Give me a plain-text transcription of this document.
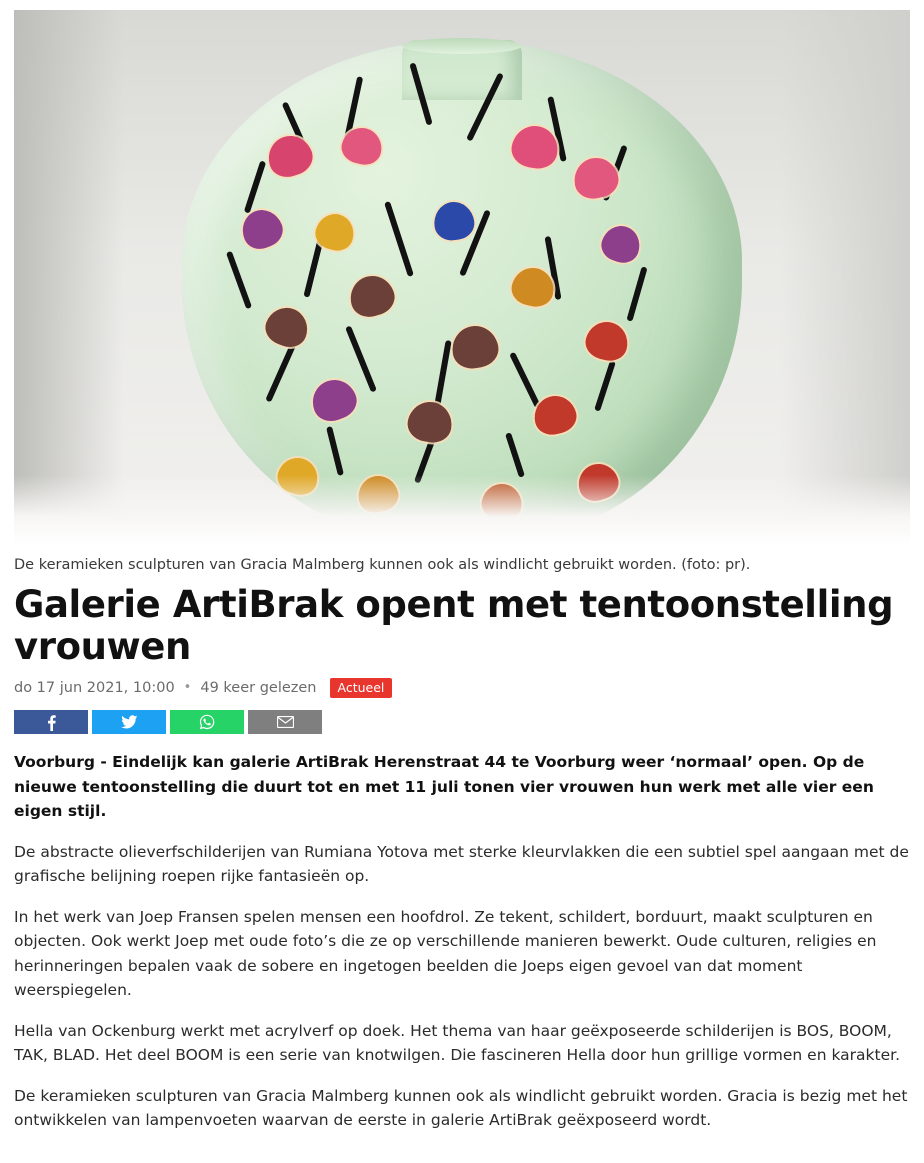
De keramieken sculpturen van Gracia Malmberg kunnen ook als windlicht gebruikt worden. (foto: pr).
Galerie ArtiBrak opent met tentoonstelling vrouwen
do 17 jun 2021, 10:00 • 49 keer gelezen	Actueel

Voorburg - Eindelijk kan galerie ArtiBrak Herenstraat 44 te Voorburg weer ‘normaal’ open. Op de nieuwe tentoonstelling die duurt tot en met 11 juli tonen vier vrouwen hun werk met alle vier een eigen stijl.

De abstracte olieverfschilderijen van Rumiana Yotova met sterke kleurvlakken die een subtiel spel aangaan met de grafische belijning roepen rijke fantasieën op.

In het werk van Joep Fransen spelen mensen een hoofdrol. Ze tekent, schildert, borduurt, maakt sculpturen en objecten. Ook werkt Joep met oude foto’s die ze op verschillende manieren bewerkt. Oude culturen, religies en herinneringen bepalen vaak de sobere en ingetogen beelden die Joeps eigen gevoel van dat moment weerspiegelen.

Hella van Ockenburg werkt met acrylverf op doek. Het thema van haar geëxposeerde schilderijen is BOS, BOOM, TAK, BLAD. Het deel BOOM is een serie van knotwilgen. Die fascineren Hella door hun grillige vormen en karakter.

De keramieken sculpturen van Gracia Malmberg kunnen ook als windlicht gebruikt worden. Gracia is bezig met het ontwikkelen van lampenvoeten waarvan de eerste in galerie ArtiBrak geëxposeerd wordt.
